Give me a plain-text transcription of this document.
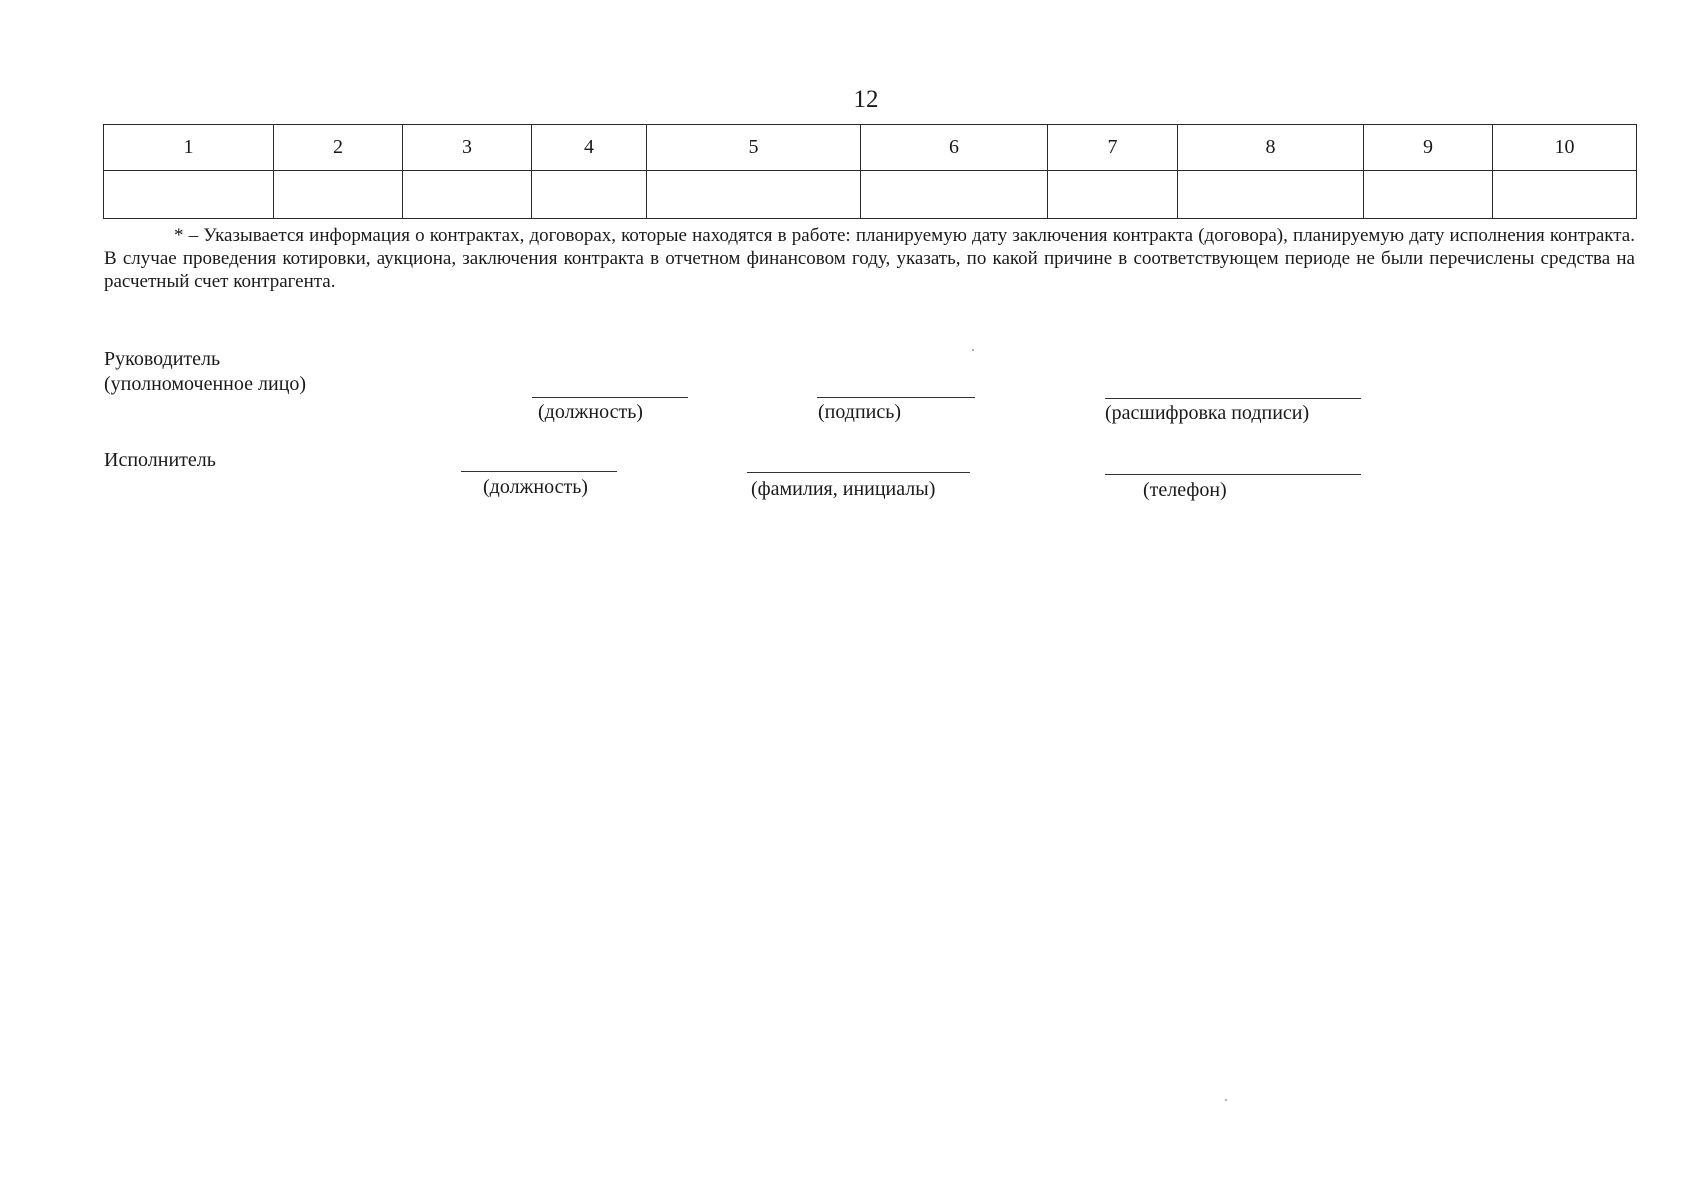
12
1	2	3	4	5	6	7	8	9	10

* – Указывается информация о контрактах, договорах, которые находятся в работе: планируемую дату заключения контракта (договора), планируемую дату исполнения контракта. В случае проведения котировки, аукциона, заключения контракта в отчетном финансовом году, указать, по какой причине в соответствующем периоде не были перечислены средства на расчетный счет контрагента.

Руководитель
(уполномоченное лицо)
(должность)	(подпись)	(расшифровка подписи)
Исполнитель
(должность)	(фамилия, инициалы)	(телефон)
